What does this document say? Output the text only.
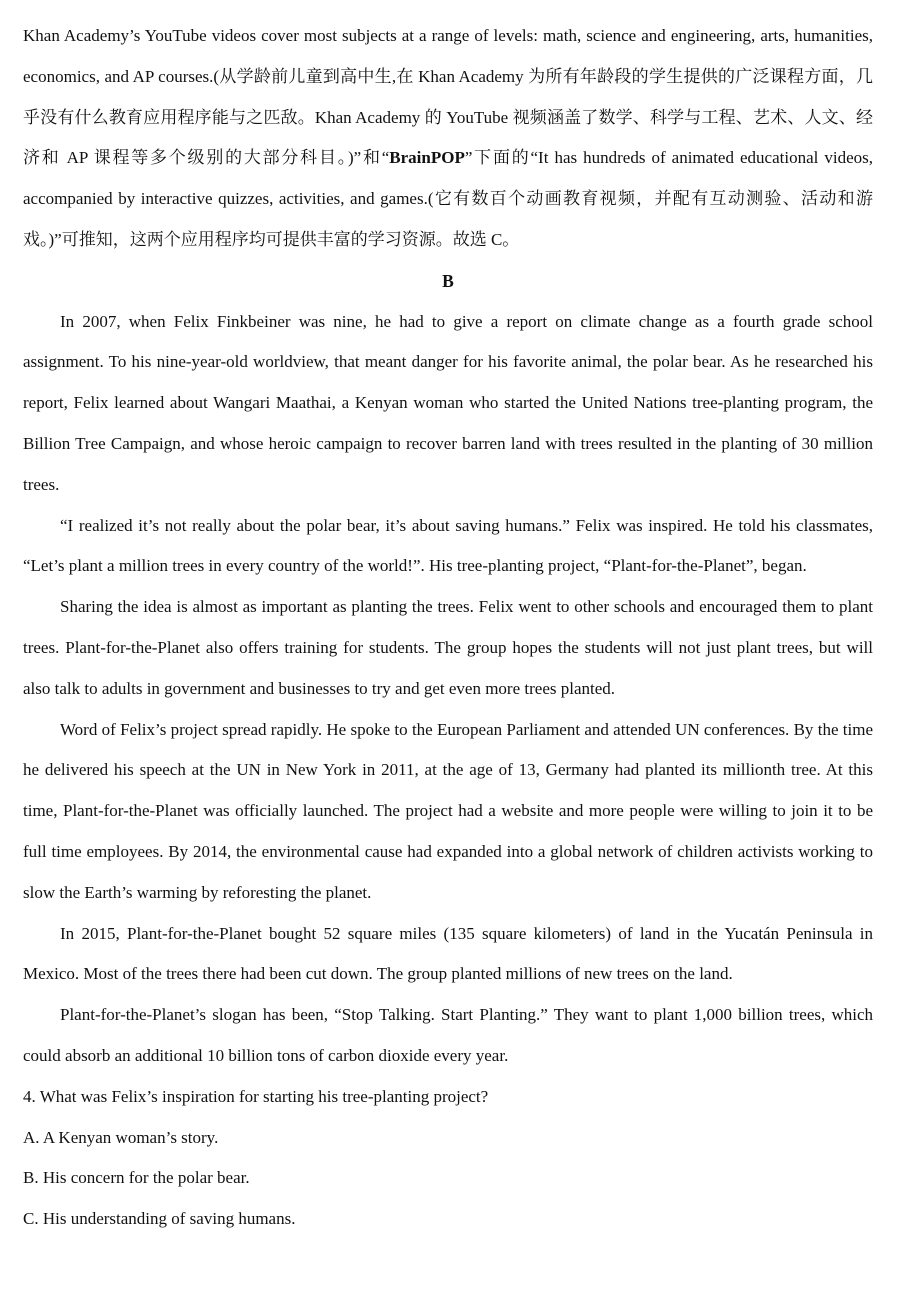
Khan Academy’s YouTube videos cover most subjects at a range of levels: math, science and engineering, arts, humanities, economics, and AP courses.(从学龄前儿童到高中生,在 Khan Academy 为所有年龄段的学生提供的广泛课程方面，几乎没有什么教育应用程序能与之匹敌。Khan Academy 的 YouTube 视频涵盖了数学、科学与工程、艺术、人文、经济和 AP 课程等多个级别的大部分科目。)”和“BrainPOP”下面的“It has hundreds of animated educational videos, accompanied by interactive quizzes, activities, and games.(它有数百个动画教育视频，并配有互动测验、活动和游戏。)”可推知，这两个应用程序均可提供丰富的学习资源。故选 C。

B

In 2007, when Felix Finkbeiner was nine, he had to give a report on climate change as a fourth grade school assignment. To his nine-year-old worldview, that meant danger for his favorite animal, the polar bear. As he researched his report, Felix learned about Wangari Maathai, a Kenyan woman who started the United Nations tree-planting program, the Billion Tree Campaign, and whose heroic campaign to recover barren land with trees resulted in the planting of 30 million trees.

“I realized it’s not really about the polar bear, it’s about saving humans.” Felix was inspired. He told his classmates, “Let’s plant a million trees in every country of the world!”. His tree-planting project, “Plant-for-the-Planet”, began.

Sharing the idea is almost as important as planting the trees. Felix went to other schools and encouraged them to plant trees. Plant-for-the-Planet also offers training for students. The group hopes the students will not just plant trees, but will also talk to adults in government and businesses to try and get even more trees planted.

Word of Felix’s project spread rapidly. He spoke to the European Parliament and attended UN conferences. By the time he delivered his speech at the UN in New York in 2011, at the age of 13, Germany had planted its millionth tree. At this time, Plant-for-the-Planet was officially launched. The project had a website and more people were willing to join it to be full time employees. By 2014, the environmental cause had expanded into a global network of children activists working to slow the Earth’s warming by reforesting the planet.

In 2015, Plant-for-the-Planet bought 52 square miles (135 square kilometers) of land in the Yucatán Peninsula in Mexico. Most of the trees there had been cut down. The group planted millions of new trees on the land.

Plant-for-the-Planet’s slogan has been, “Stop Talking. Start Planting.” They want to plant 1,000 billion trees, which could absorb an additional 10 billion tons of carbon dioxide every year.

4. What was Felix’s inspiration for starting his tree-planting project?

A. A Kenyan woman’s story.

B. His concern for the polar bear.

C. His understanding of saving humans.
